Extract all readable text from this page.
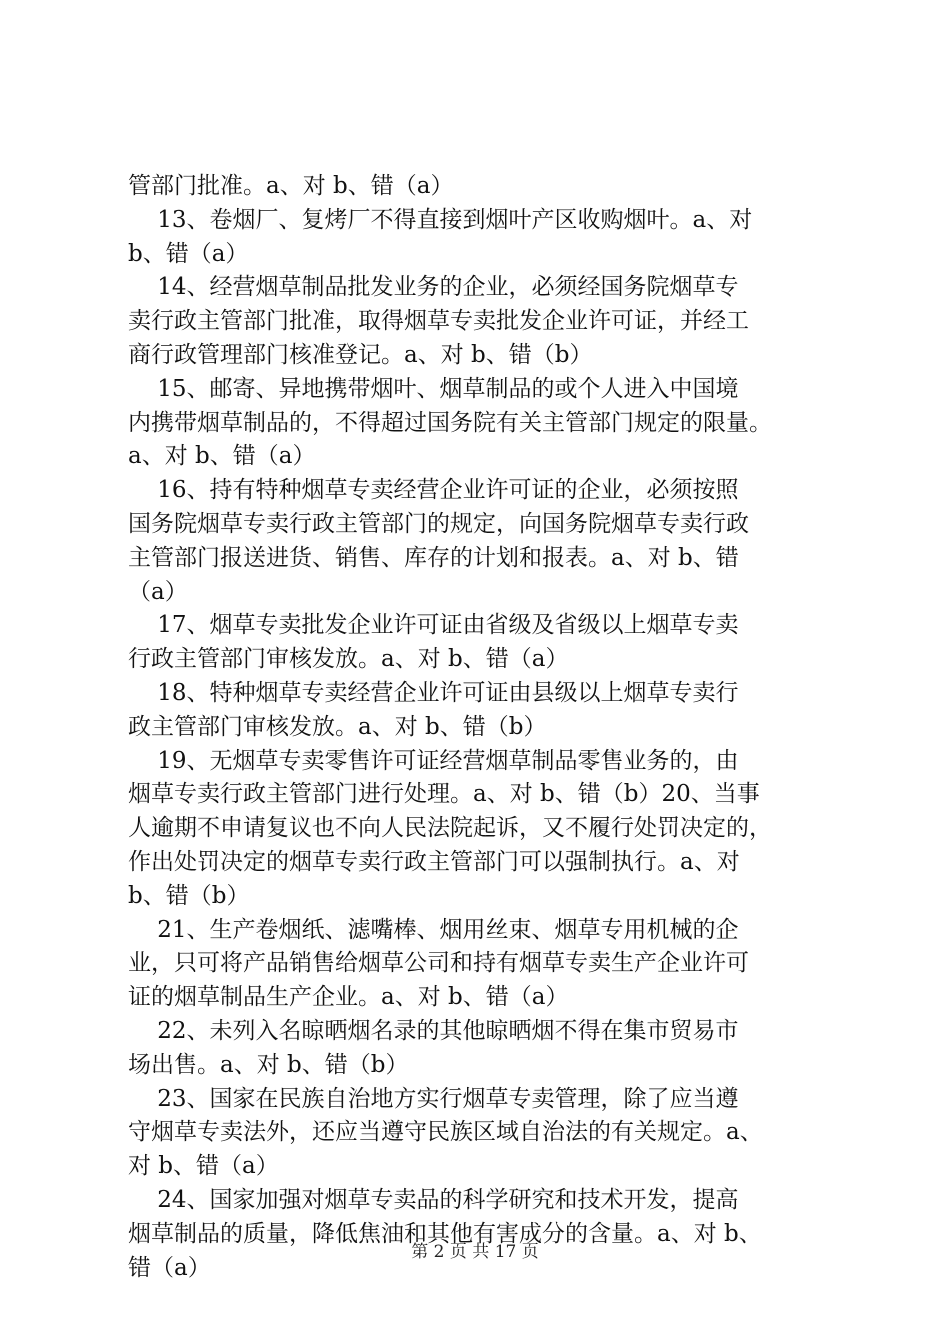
管部门批准。a、对 b、错（a）
13、卷烟厂、复烤厂不得直接到烟叶产区收购烟叶。a、对
b、错（a）
14、经营烟草制品批发业务的企业，必须经国务院烟草专
卖行政主管部门批准，取得烟草专卖批发企业许可证，并经工
商行政管理部门核准登记。a、对 b、错（b）
15、邮寄、异地携带烟叶、烟草制品的或个人进入中国境
内携带烟草制品的，不得超过国务院有关主管部门规定的限量。
a、对 b、错（a）
16、持有特种烟草专卖经营企业许可证的企业，必须按照
国务院烟草专卖行政主管部门的规定，向国务院烟草专卖行政
主管部门报送进货、销售、库存的计划和报表。a、对 b、错
（a）
17、烟草专卖批发企业许可证由省级及省级以上烟草专卖
行政主管部门审核发放。a、对 b、错（a）
18、特种烟草专卖经营企业许可证由县级以上烟草专卖行
政主管部门审核发放。a、对 b、错（b）
19、无烟草专卖零售许可证经营烟草制品零售业务的，由
烟草专卖行政主管部门进行处理。a、对 b、错（b）20、当事
人逾期不申请复议也不向人民法院起诉，又不履行处罚决定的，
作出处罚决定的烟草专卖行政主管部门可以强制执行。a、对
b、错（b）
21、生产卷烟纸、滤嘴棒、烟用丝束、烟草专用机械的企
业，只可将产品销售给烟草公司和持有烟草专卖生产企业许可
证的烟草制品生产企业。a、对 b、错（a）
22、未列入名晾晒烟名录的其他晾晒烟不得在集市贸易市
场出售。a、对 b、错（b）
23、国家在民族自治地方实行烟草专卖管理，除了应当遵
守烟草专卖法外，还应当遵守民族区域自治法的有关规定。a、
对 b、错（a）
24、国家加强对烟草专卖品的科学研究和技术开发，提高
烟草制品的质量，降低焦油和其他有害成分的含量。a、对 b、
错（a）
第 2 页 共 17 页
